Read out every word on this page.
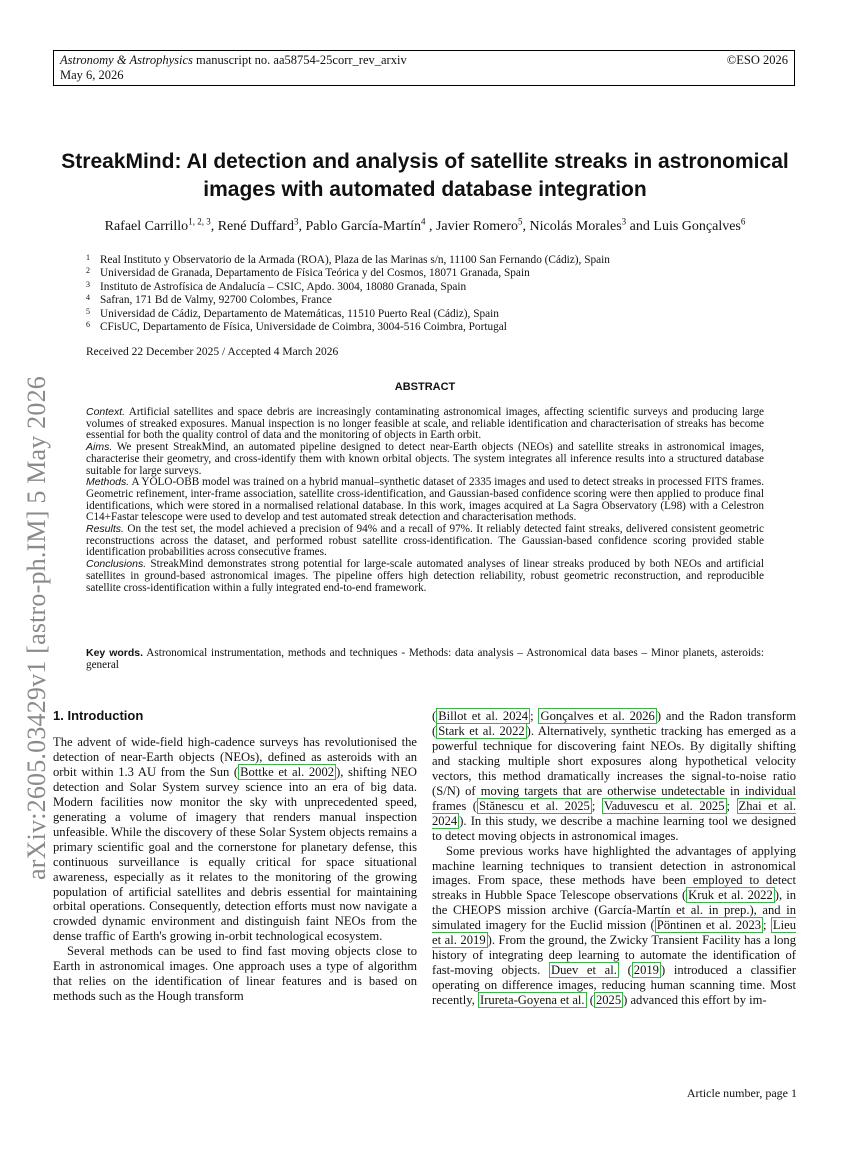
Astronomy & Astrophysics manuscript no. aa58754-25corr_rev_arxiv
May 6, 2026
©ESO 2026
arXiv:2605.03429v1 [astro-ph.IM] 5 May 2026
StreakMind: AI detection and analysis of satellite streaks in astronomical images with automated database integration
Rafael Carrillo$^{1, 2, 3}$, René Duffard$^3$, Pablo García-Martín$^4$ , Javier Romero$^5$, Nicolás Morales$^3$ and Luis Gonçalves$^6$
1 Real Instituto y Observatorio de la Armada (ROA), Plaza de las Marinas s/n, 11100 San Fernando (Cádiz), Spain
2 Universidad de Granada, Departamento de Física Teórica y del Cosmos, 18071 Granada, Spain
3 Instituto de Astrofísica de Andalucía – CSIC, Apdo. 3004, 18080 Granada, Spain
4 Safran, 171 Bd de Valmy, 92700 Colombes, France
5 Universidad de Cádiz, Departamento de Matemáticas, 11510 Puerto Real (Cádiz), Spain
6 CFisUC, Departamento de Física, Universidade de Coimbra, 3004-516 Coimbra, Portugal
Received 22 December 2025 / Accepted 4 March 2026
ABSTRACT

Context. Artificial satellites and space debris are increasingly contaminating astronomical images, affecting scientific surveys and producing large volumes of streaked exposures. Manual inspection is no longer feasible at scale, and reliable identification and characterisation of streaks has become essential for both the quality control of data and the monitoring of objects in Earth orbit.

Aims. We present StreakMind, an automated pipeline designed to detect near-Earth objects (NEOs) and satellite streaks in astronomical images, characterise their geometry, and cross-identify them with known orbital objects. The system integrates all inference results into a structured database suitable for large surveys.

Methods. A YOLO-OBB model was trained on a hybrid manual–synthetic dataset of 2335 images and used to detect streaks in processed FITS frames. Geometric refinement, inter-frame association, satellite cross-identification, and Gaussian-based confidence scoring were then applied to produce final identifications, which were stored in a normalised relational database. In this work, images acquired at La Sagra Observatory (L98) with a Celestron C14+Fastar telescope were used to develop and test automated streak detection and characterisation methods.

Results. On the test set, the model achieved a precision of 94% and a recall of 97%. It reliably detected faint streaks, delivered consistent geometric reconstructions across the dataset, and performed robust satellite cross-identification. The Gaussian-based confidence scoring provided stable identification probabilities across consecutive frames.

Conclusions. StreakMind demonstrates strong potential for large-scale automated analyses of linear streaks produced by both NEOs and artificial satellites in ground-based astronomical images. The pipeline offers high detection reliability, robust geometric reconstruction, and reproducible satellite cross-identification within a fully integrated end-to-end framework.

Key words. Astronomical instrumentation, methods and techniques - Methods: data analysis – Astronomical data bases – Minor planets, asteroids: general

1. Introduction

The advent of wide-field high-cadence surveys has revolutionised the detection of near-Earth objects (NEOs), defined as asteroids with an orbit within 1.3 AU from the Sun ( Bottke et al. 2002 ), shifting NEO detection and Solar System survey science into an era of big data. Modern facilities now monitor the sky with unprecedented speed, generating a volume of imagery that renders manual inspection unfeasible. While the discovery of these Solar System objects remains a primary scientific goal and the cornerstone for planetary defense, this continuous surveillance is equally critical for space situational awareness, especially as it relates to the monitoring of the growing population of artificial satellites and debris essential for maintaining orbital operations. Consequently, detection efforts must now navigate a crowded dynamic environment and distinguish faint NEOs from the dense traffic of Earth's growing in-orbit technological ecosystem.

Several methods can be used to find fast moving objects close to Earth in astronomical images. One approach uses a type of algorithm that relies on the identification of linear features and is based on methods such as the Hough transform

( Billot et al. 2024 ; Gonçalves et al. 2026 ) and the Radon transform ( Stark et al. 2022 ). Alternatively, synthetic tracking has emerged as a powerful technique for discovering faint NEOs. By digitally shifting and stacking multiple short exposures along hypothetical velocity vectors, this method dramatically increases the signal-to-noise ratio (S/N) of moving targets that are otherwise undetectable in individual frames ( Stănescu et al. 2025 ; Vaduvescu et al. 2025 ; Zhai et al. 2024 ). In this study, we describe a machine learning tool we designed to detect moving objects in astronomical images.

Some previous works have highlighted the advantages of applying machine learning techniques to transient detection in astronomical images. From space, these methods have been employed to detect streaks in Hubble Space Telescope observations ( Kruk et al. 2022 ), in the CHEOPS mission archive (García-Martín et al. in prep.), and in simulated imagery for the Euclid mission ( Pöntinen et al. 2023 ; Lieu et al. 2019 ). From the ground, the Zwicky Transient Facility has a long history of integrating deep learning to automate the identification of fast-moving objects. Duev et al. ( 2019 ) introduced a classifier operating on difference images, reducing human scanning time. Most recently, Irureta-Goyena et al. ( 2025 ) advanced this effort by im-

Article number, page 1
